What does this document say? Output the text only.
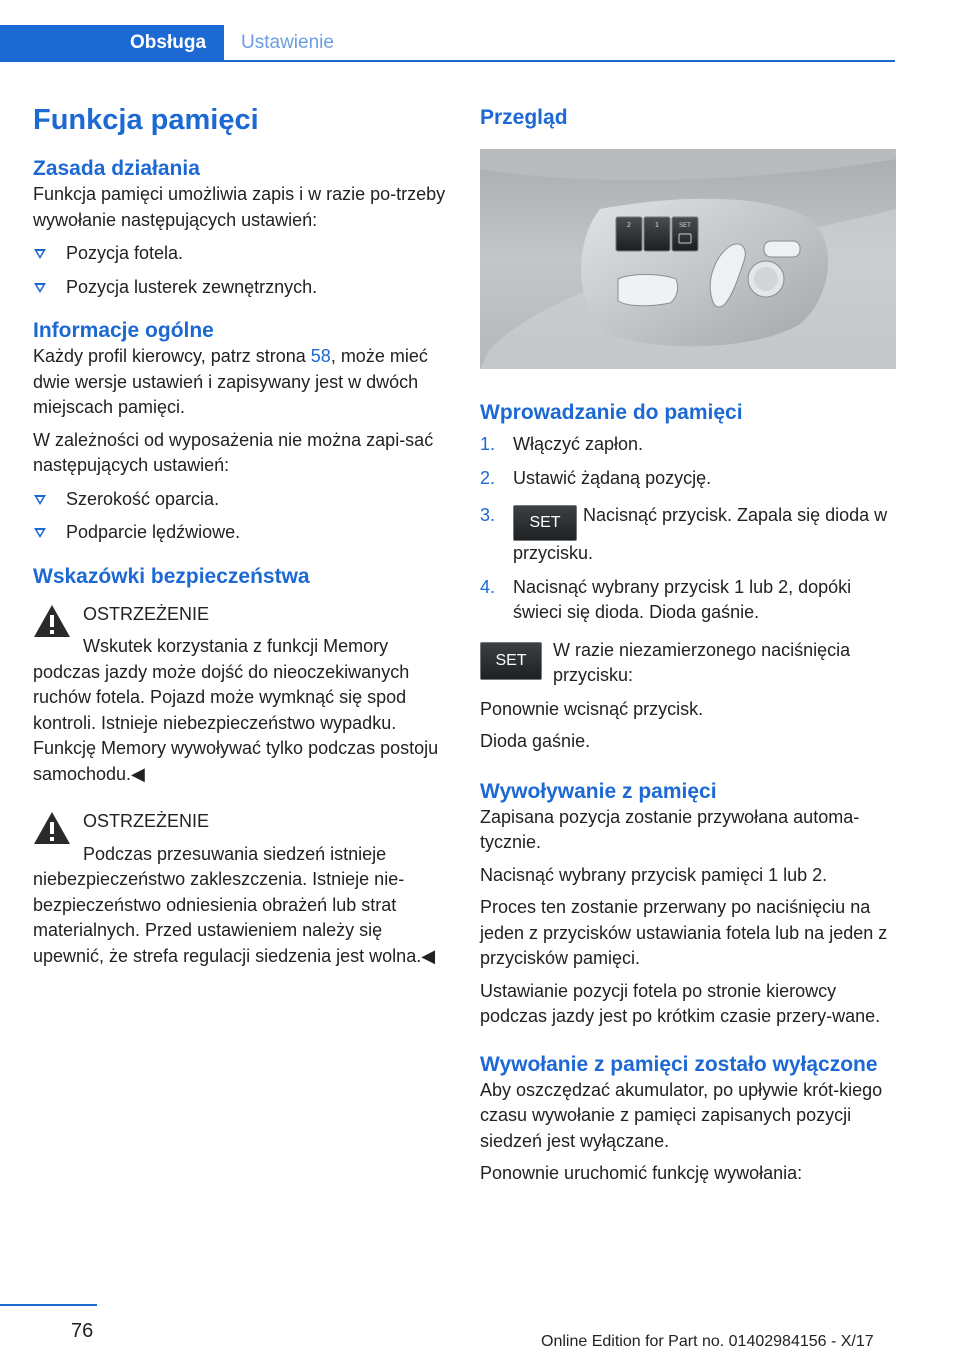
Obsługa	Ustawienie
Funkcja pamięci
Zasada działania

Funkcja pamięci umożliwia zapis i w razie po-trzeby wywołanie następujących ustawień:

Pozycja fotela.
Pozycja lusterek zewnętrznych.
Informacje ogólne

Każdy profil kierowcy, patrz strona 58, może mieć dwie wersje ustawień i zapisywany jest w dwóch miejscach pamięci.

W zależności od wyposażenia nie można zapi-sać następujących ustawień:

Szerokość oparcia.
Podparcie lędźwiowe.
Wskazówki bezpieczeństwa
OSTRZEŻENIE
Wskutek korzystania z funkcji Memory
podczas jazdy może dojść do nieoczekiwanych ruchów fotela. Pojazd może wymknąć się spod kontroli. Istnieje niebezpieczeństwo wypadku. Funkcję Memory wywoływać tylko podczas postoju samochodu.◀
OSTRZEŻENIE
Podczas przesuwania siedzeń istnieje
niebezpieczeństwo zakleszczenia. Istnieje nie-bezpieczeństwo odniesienia obrażeń lub strat materialnych. Przed ustawieniem należy się upewnić, że strefa regulacji siedzenia jest wolna.◀
Przegląd
2	1	SET
Wprowadzanie do pamięci
1. Włączyć zapłon.
2. Ustawić żądaną pozycję.
3. SET Nacisnąć przycisk. Zapala się dioda w przycisku.
4. Nacisnąć wybrany przycisk 1 lub 2, dopóki świeci się dioda. Dioda gaśnie.
SET
W razie niezamierzonego naciśnięcia przycisku:

Ponownie wcisnąć przycisk.

Dioda gaśnie.

Wywoływanie z pamięci

Zapisana pozycja zostanie przywołana automa-tycznie.

Nacisnąć wybrany przycisk pamięci 1 lub 2.

Proces ten zostanie przerwany po naciśnięciu na jeden z przycisków ustawiania fotela lub na jeden z przycisków pamięci.

Ustawianie pozycji fotela po stronie kierowcy podczas jazdy jest po krótkim czasie przery-wane.

Wywołanie z pamięci zostało wyłączone

Aby oszczędzać akumulator, po upływie krót-kiego czasu wywołanie z pamięci zapisanych pozycji siedzeń jest wyłączane.

Ponownie uruchomić funkcję wywołania:

76	Online Edition for Part no. 01402984156 - X/17
